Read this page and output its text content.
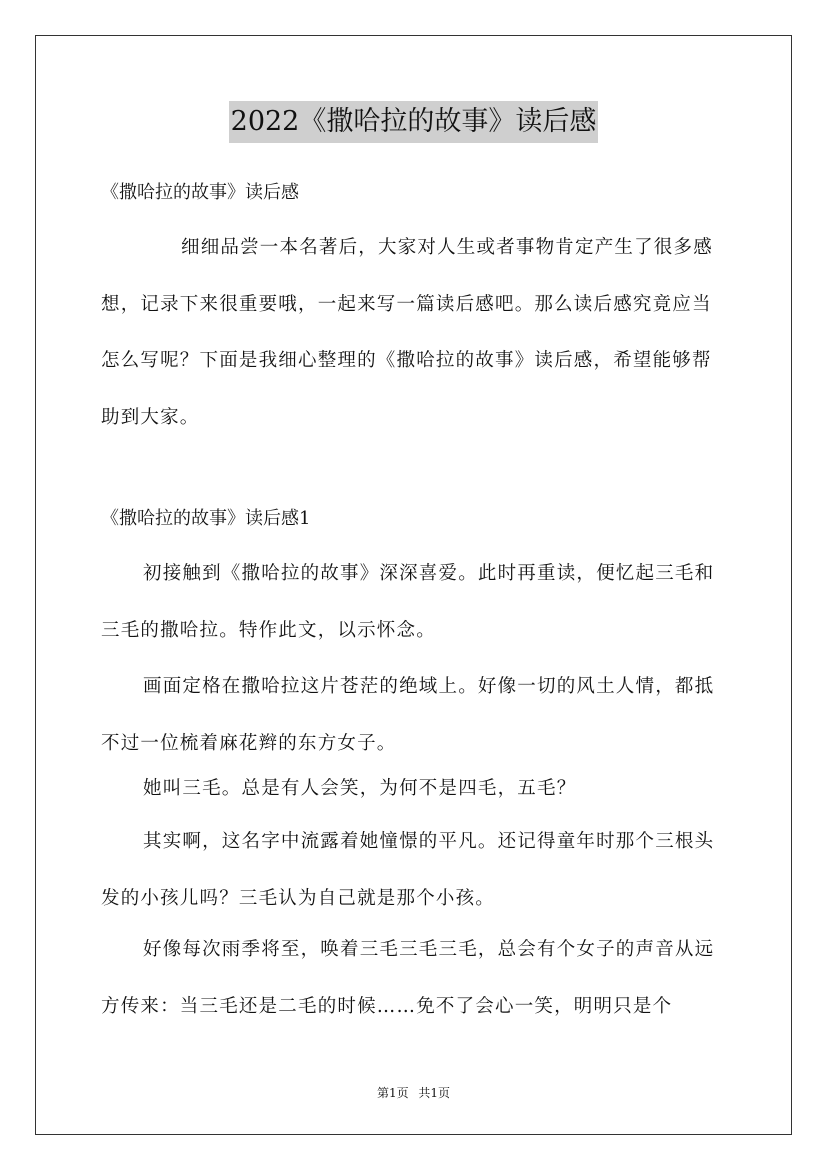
2022《撒哈拉的故事》读后感
《撒哈拉的故事》读后感
细细品尝一本名著后，大家对人生或者事物肯定产生了很多感想，记录下来很重要哦，一起来写一篇读后感吧。那么读后感究竟应当怎么写呢？下面是我细心整理的《撒哈拉的故事》读后感，希望能够帮助到大家。
《撒哈拉的故事》读后感1
初接触到《撒哈拉的故事》深深喜爱。此时再重读，便忆起三毛和三毛的撒哈拉。特作此文，以示怀念。
画面定格在撒哈拉这片苍茫的绝域上。好像一切的风土人情，都抵不过一位梳着麻花辫的东方女子。
她叫三毛。总是有人会笑，为何不是四毛，五毛？
其实啊，这名字中流露着她憧憬的平凡。还记得童年时那个三根头发的小孩儿吗？三毛认为自己就是那个小孩。
好像每次雨季将至，唤着三毛三毛三毛，总会有个女子的声音从远方传来：当三毛还是二毛的时候……免不了会心一笑，明明只是个
第1页 共1页
